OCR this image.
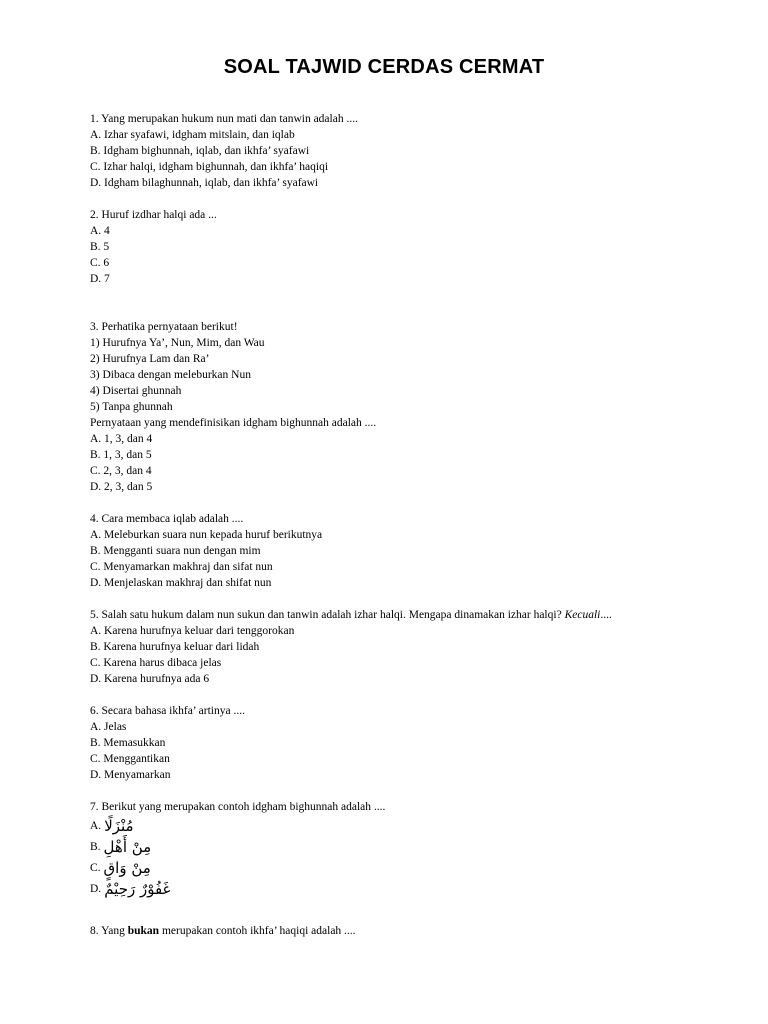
SOAL TAJWID CERDAS CERMAT
1. Yang merupakan hukum nun mati dan tanwin adalah ....
A. Izhar syafawi, idgham mitslain, dan iqlab
B. Idgham bighunnah, iqlab, dan ikhfa’ syafawi
C. Izhar halqi, idgham bighunnah, dan ikhfa’ haqiqi
D. Idgham bilaghunnah, iqlab, dan ikhfa’ syafawi
2. Huruf izdhar halqi ada ...
A. 4
B. 5
C. 6
D. 7
3. Perhatika pernyataan berikut!
1) Hurufnya Ya’, Nun, Mim, dan Wau
2) Hurufnya Lam dan Ra’
3) Dibaca dengan meleburkan Nun
4) Disertai ghunnah
5) Tanpa ghunnah
Pernyataan yang mendefinisikan idgham bighunnah adalah ....
A. 1, 3, dan 4
B. 1, 3, dan 5
C. 2, 3, dan 4
D. 2, 3, dan 5
4. Cara membaca iqlab adalah ....
A. Meleburkan suara nun kepada huruf berikutnya
B. Mengganti suara nun dengan mim
C. Menyamarkan makhraj dan sifat nun
D. Menjelaskan makhraj dan shifat nun
5. Salah satu hukum dalam nun sukun dan tanwin adalah izhar halqi. Mengapa dinamakan izhar halqi? Kecuali....
A. Karena hurufnya keluar dari tenggorokan
B. Karena hurufnya keluar dari lidah
C. Karena harus dibaca jelas
D. Karena hurufnya ada 6
6. Secara bahasa ikhfa’ artinya ....
A. Jelas
B. Memasukkan
C. Menggantikan
D. Menyamarkan
7. Berikut yang merupakan contoh idgham bighunnah adalah ....
A. مُنْزَلًا
B. مِنْ أَهْلِ
C. مِنْ وَاقٍ
D. غَفُوْرٌ رَحِيْمٌ
8. Yang bukan merupakan contoh ikhfa’ haqiqi adalah ....
